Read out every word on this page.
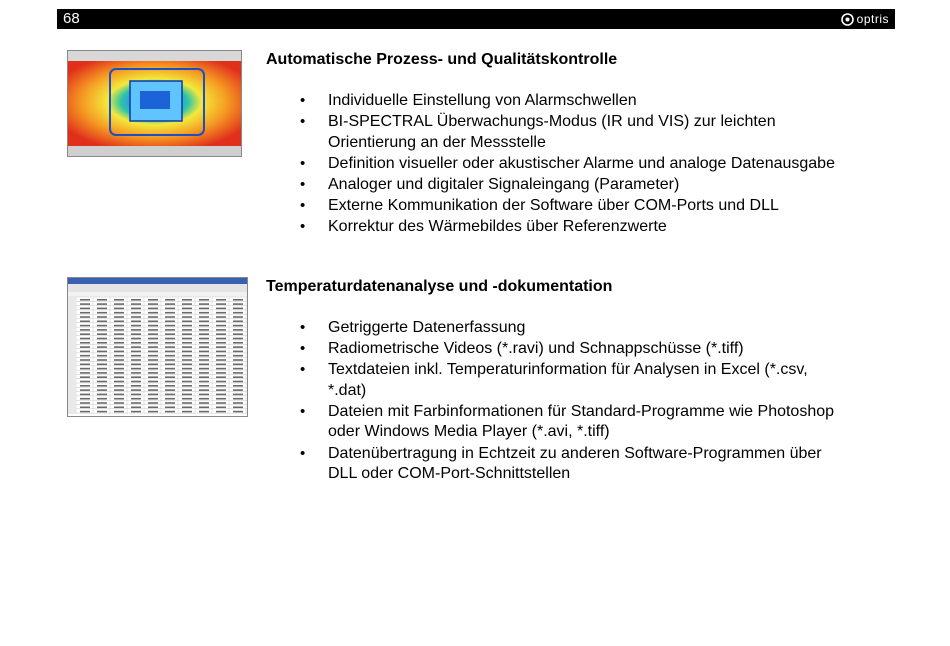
68	optris
Automatische Prozess- und Qualitätskontrolle
• Individuelle Einstellung von Alarmschwellen
• BI-SPECTRAL Überwachungs-Modus (IR und VIS) zur leichten Orientierung an der Messstelle
• Definition visueller oder akustischer Alarme und analoge Datenausgabe
• Analoger und digitaler Signaleingang (Parameter)
• Externe Kommunikation der Software über COM-Ports und DLL
• Korrektur des Wärmebildes über Referenzwerte
Temperaturdatenanalyse und -dokumentation
• Getriggerte Datenerfassung
• Radiometrische Videos (*.ravi) und Schnappschüsse (*.tiff)
• Textdateien inkl. Temperaturinformation für Analysen in Excel (*.csv, *.dat)
• Dateien mit Farbinformationen für Standard-Programme wie Photoshop oder Windows Media Player (*.avi, *.tiff)
• Datenübertragung in Echtzeit zu anderen Software-Programmen über DLL oder COM-Port-Schnittstellen
